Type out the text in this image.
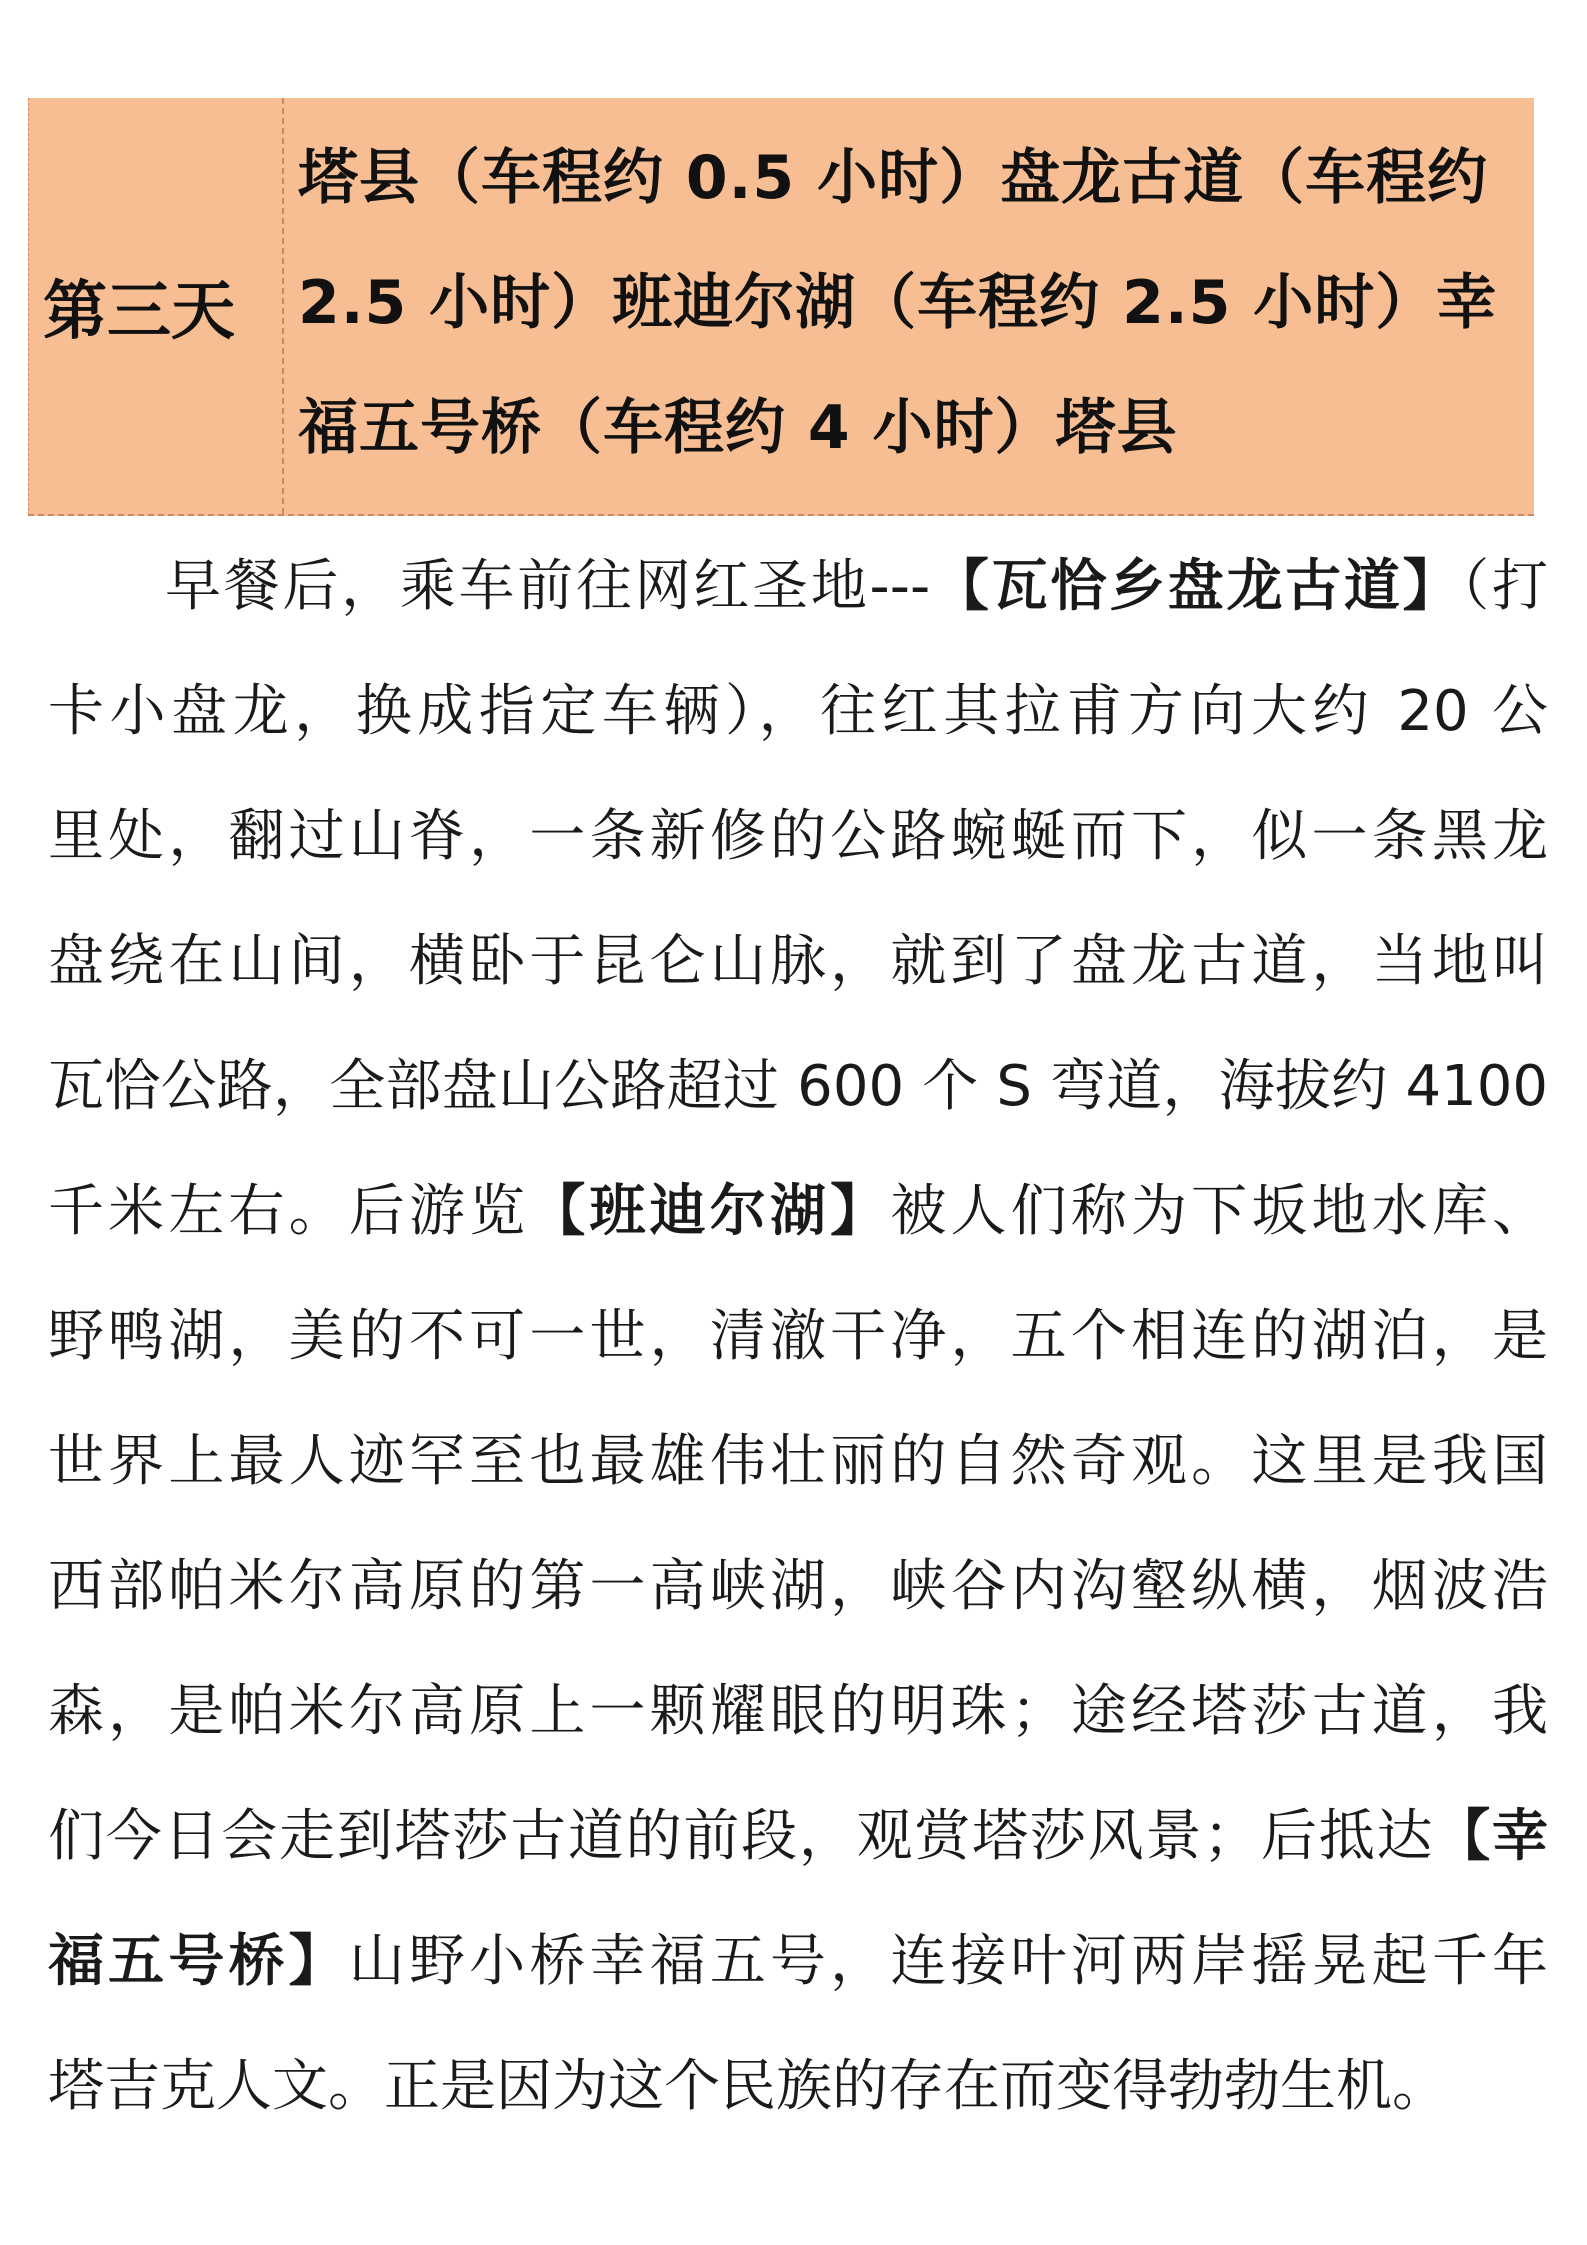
第三天
塔县（车程约 0.5 小时）盘龙古道（车程约
2.5 小时）班迪尔湖（车程约 2.5 小时）幸
福五号桥（车程约 4 小时）塔县
早餐后，乘车前往网红圣地---【瓦恰乡盘龙古道】（打
卡小盘龙，换成指定车辆），往红其拉甫方向大约 20 公
里处，翻过山脊，一条新修的公路蜿蜒而下，似一条黑龙
盘绕在山间，横卧于昆仑山脉，就到了盘龙古道，当地叫
瓦恰公路，全部盘山公路超过 600 个 S 弯道，海拔约 4100
千米左右。后游览【班迪尔湖】被人们称为下坂地水库、
野鸭湖，美的不可一世，清澈干净，五个相连的湖泊，是
世界上最人迹罕至也最雄伟壮丽的自然奇观。这里是我国
西部帕米尔高原的第一高峡湖，峡谷内沟壑纵横，烟波浩
森，是帕米尔高原上一颗耀眼的明珠；途经塔莎古道，我
们今日会走到塔莎古道的前段，观赏塔莎风景；后抵达【幸
福五号桥】山野小桥幸福五号，连接叶河两岸摇晃起千年
塔吉克人文。正是因为这个民族的存在而变得勃勃生机。
